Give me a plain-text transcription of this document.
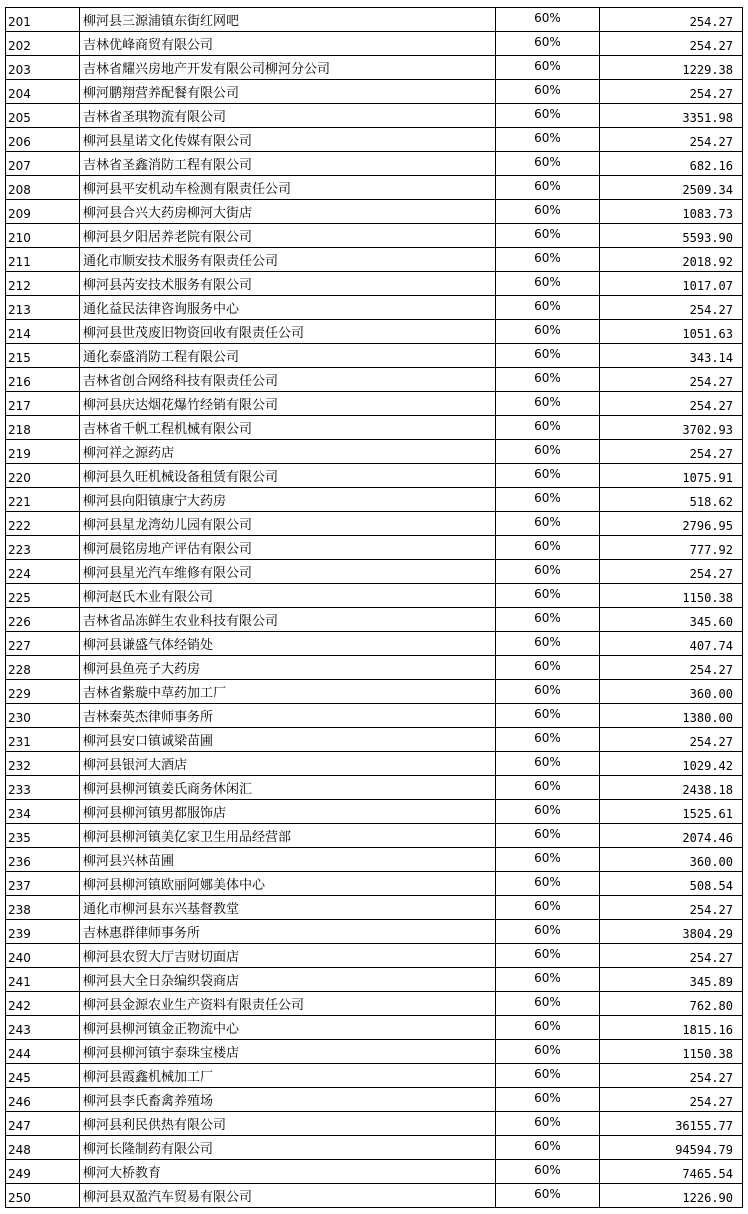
201	柳河县三源浦镇东街红网吧	60%	254.27
202	吉林优峰商贸有限公司	60%	254.27
203	吉林省耀兴房地产开发有限公司柳河分公司	60%	1229.38
204	柳河鹏翔营养配餐有限公司	60%	254.27
205	吉林省圣琪物流有限公司	60%	3351.98
206	柳河县星诺文化传媒有限公司	60%	254.27
207	吉林省圣鑫消防工程有限公司	60%	682.16
208	柳河县平安机动车检测有限责任公司	60%	2509.34
209	柳河县合兴大药房柳河大街店	60%	1083.73
210	柳河县夕阳居养老院有限公司	60%	5593.90
211	通化市顺安技术服务有限责任公司	60%	2018.92
212	柳河县芮安技术服务有限公司	60%	1017.07
213	通化益民法律咨询服务中心	60%	254.27
214	柳河县世茂废旧物资回收有限责任公司	60%	1051.63
215	通化泰盛消防工程有限公司	60%	343.14
216	吉林省创合网络科技有限责任公司	60%	254.27
217	柳河县庆达烟花爆竹经销有限公司	60%	254.27
218	吉林省千帆工程机械有限公司	60%	3702.93
219	柳河祥之源药店	60%	254.27
220	柳河县久旺机械设备租赁有限公司	60%	1075.91
221	柳河县向阳镇康宁大药房	60%	518.62
222	柳河县星龙湾幼儿园有限公司	60%	2796.95
223	柳河晨铭房地产评估有限公司	60%	777.92
224	柳河县星光汽车维修有限公司	60%	254.27
225	柳河赵氏木业有限公司	60%	1150.38
226	吉林省品冻鲜生农业科技有限公司	60%	345.60
227	柳河县谦盛气体经销处	60%	407.74
228	柳河县鱼亮子大药房	60%	254.27
229	吉林省紫璇中草药加工厂	60%	360.00
230	吉林秦英杰律师事务所	60%	1380.00
231	柳河县安口镇诚梁苗圃	60%	254.27
232	柳河县银河大酒店	60%	1029.42
233	柳河县柳河镇姜氏商务休闲汇	60%	2438.18
234	柳河县柳河镇男都服饰店	60%	1525.61
235	柳河县柳河镇美亿家卫生用品经营部	60%	2074.46
236	柳河县兴林苗圃	60%	360.00
237	柳河县柳河镇欧丽阿娜美体中心	60%	508.54
238	通化市柳河县东兴基督教堂	60%	254.27
239	吉林惠群律师事务所	60%	3804.29
240	柳河县农贸大厅吉财切面店	60%	254.27
241	柳河县大全日杂编织袋商店	60%	345.89
242	柳河县金源农业生产资料有限责任公司	60%	762.80
243	柳河县柳河镇金正物流中心	60%	1815.16
244	柳河县柳河镇宇泰珠宝楼店	60%	1150.38
245	柳河县霞鑫机械加工厂	60%	254.27
246	柳河县李氏畜禽养殖场	60%	254.27
247	柳河县利民供热有限公司	60%	36155.77
248	柳河长隆制药有限公司	60%	94594.79
249	柳河大桥教育	60%	7465.54
250	柳河县双盈汽车贸易有限公司	60%	1226.90
